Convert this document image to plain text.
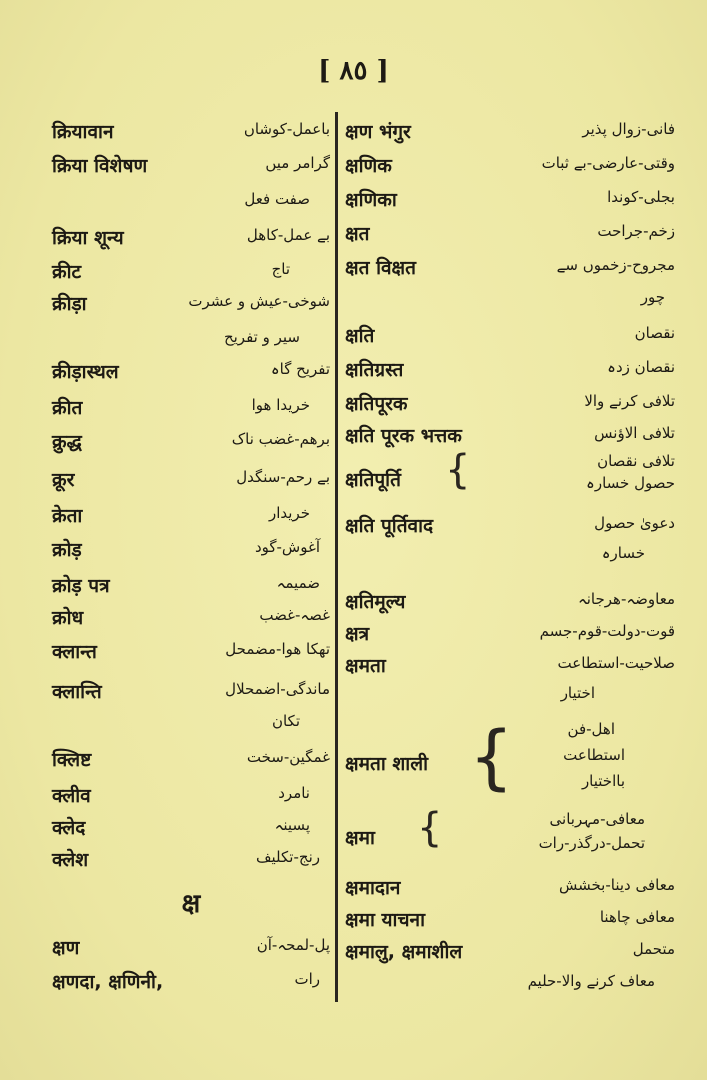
[ ٨٥ ]
क्रियावान	باعمل-کوشاں
क्रिया विशेषण	گرامر میں
صفت فعل
क्रिया शून्य	بے عمل-کاھل
क्रीट	تاج
क्रीड़ा	شوخی-عیش و عشرت
سیر و تفریح
क्रीड़ास्थल	تفریح گاہ
क्रीत	خریدا ھوا
क्रुद्ध	برھم-غضب ناک
क्रूर	بے رحم-سنگدل
क्रेता	خریدار
क्रोड़	آغوش-گود
क्रोड़ पत्र	ضمیمہ
क्रोध	غصہ-غضب
क्लान्त	تھکا ھوا-مضمحل
क्लान्ति	ماندگی-اضمحلال
تکان
क्लिष्ट	غمگین-سخت
क्लीव	نامرد
क्लेद	پسینہ
क्लेश	رنج-تکلیف
क्ष
क्षण	پل-لمحہ-آن
क्षणदा, क्षणिनी,	رات
क्षण भंगुर	فانی-زوال پذیر
क्षणिक	وقتی-عارضی-بے ثبات
क्षणिका	بجلی-کوندا
क्षत	زخم-جراحت
क्षत विक्षत	مجروح-زخموں سے
چور
क्षति	نقصان
क्षतिग्रस्त	نقصان زدہ
क्षतिपूरक	تلافی کرنے والا
क्षति पूरक भत्तक	تلافی الاؤنس
क्षतिपूर्ति {	تلافی نقصان
حصول خسارہ
क्षति पूर्तिवाद	دعویٰ حصول
خسارہ
क्षतिमूल्य	معاوضہ-ھرجانہ
क्षत्र	قوت-دولت-قوم-جسم
क्षमता	صلاحیت-استطاعت
اختیار
क्षमता शाली {	اھل-فن
استطاعت
بااختیار
क्षमा {	معافی-مہربانی
تحمل-درگذر-رات
क्षमादान	معافی دینا-بخشش
क्षमा याचना	معافی چاھنا
क्षमालु, क्षमाशील	متحمل
معاف کرنے والا-حلیم
